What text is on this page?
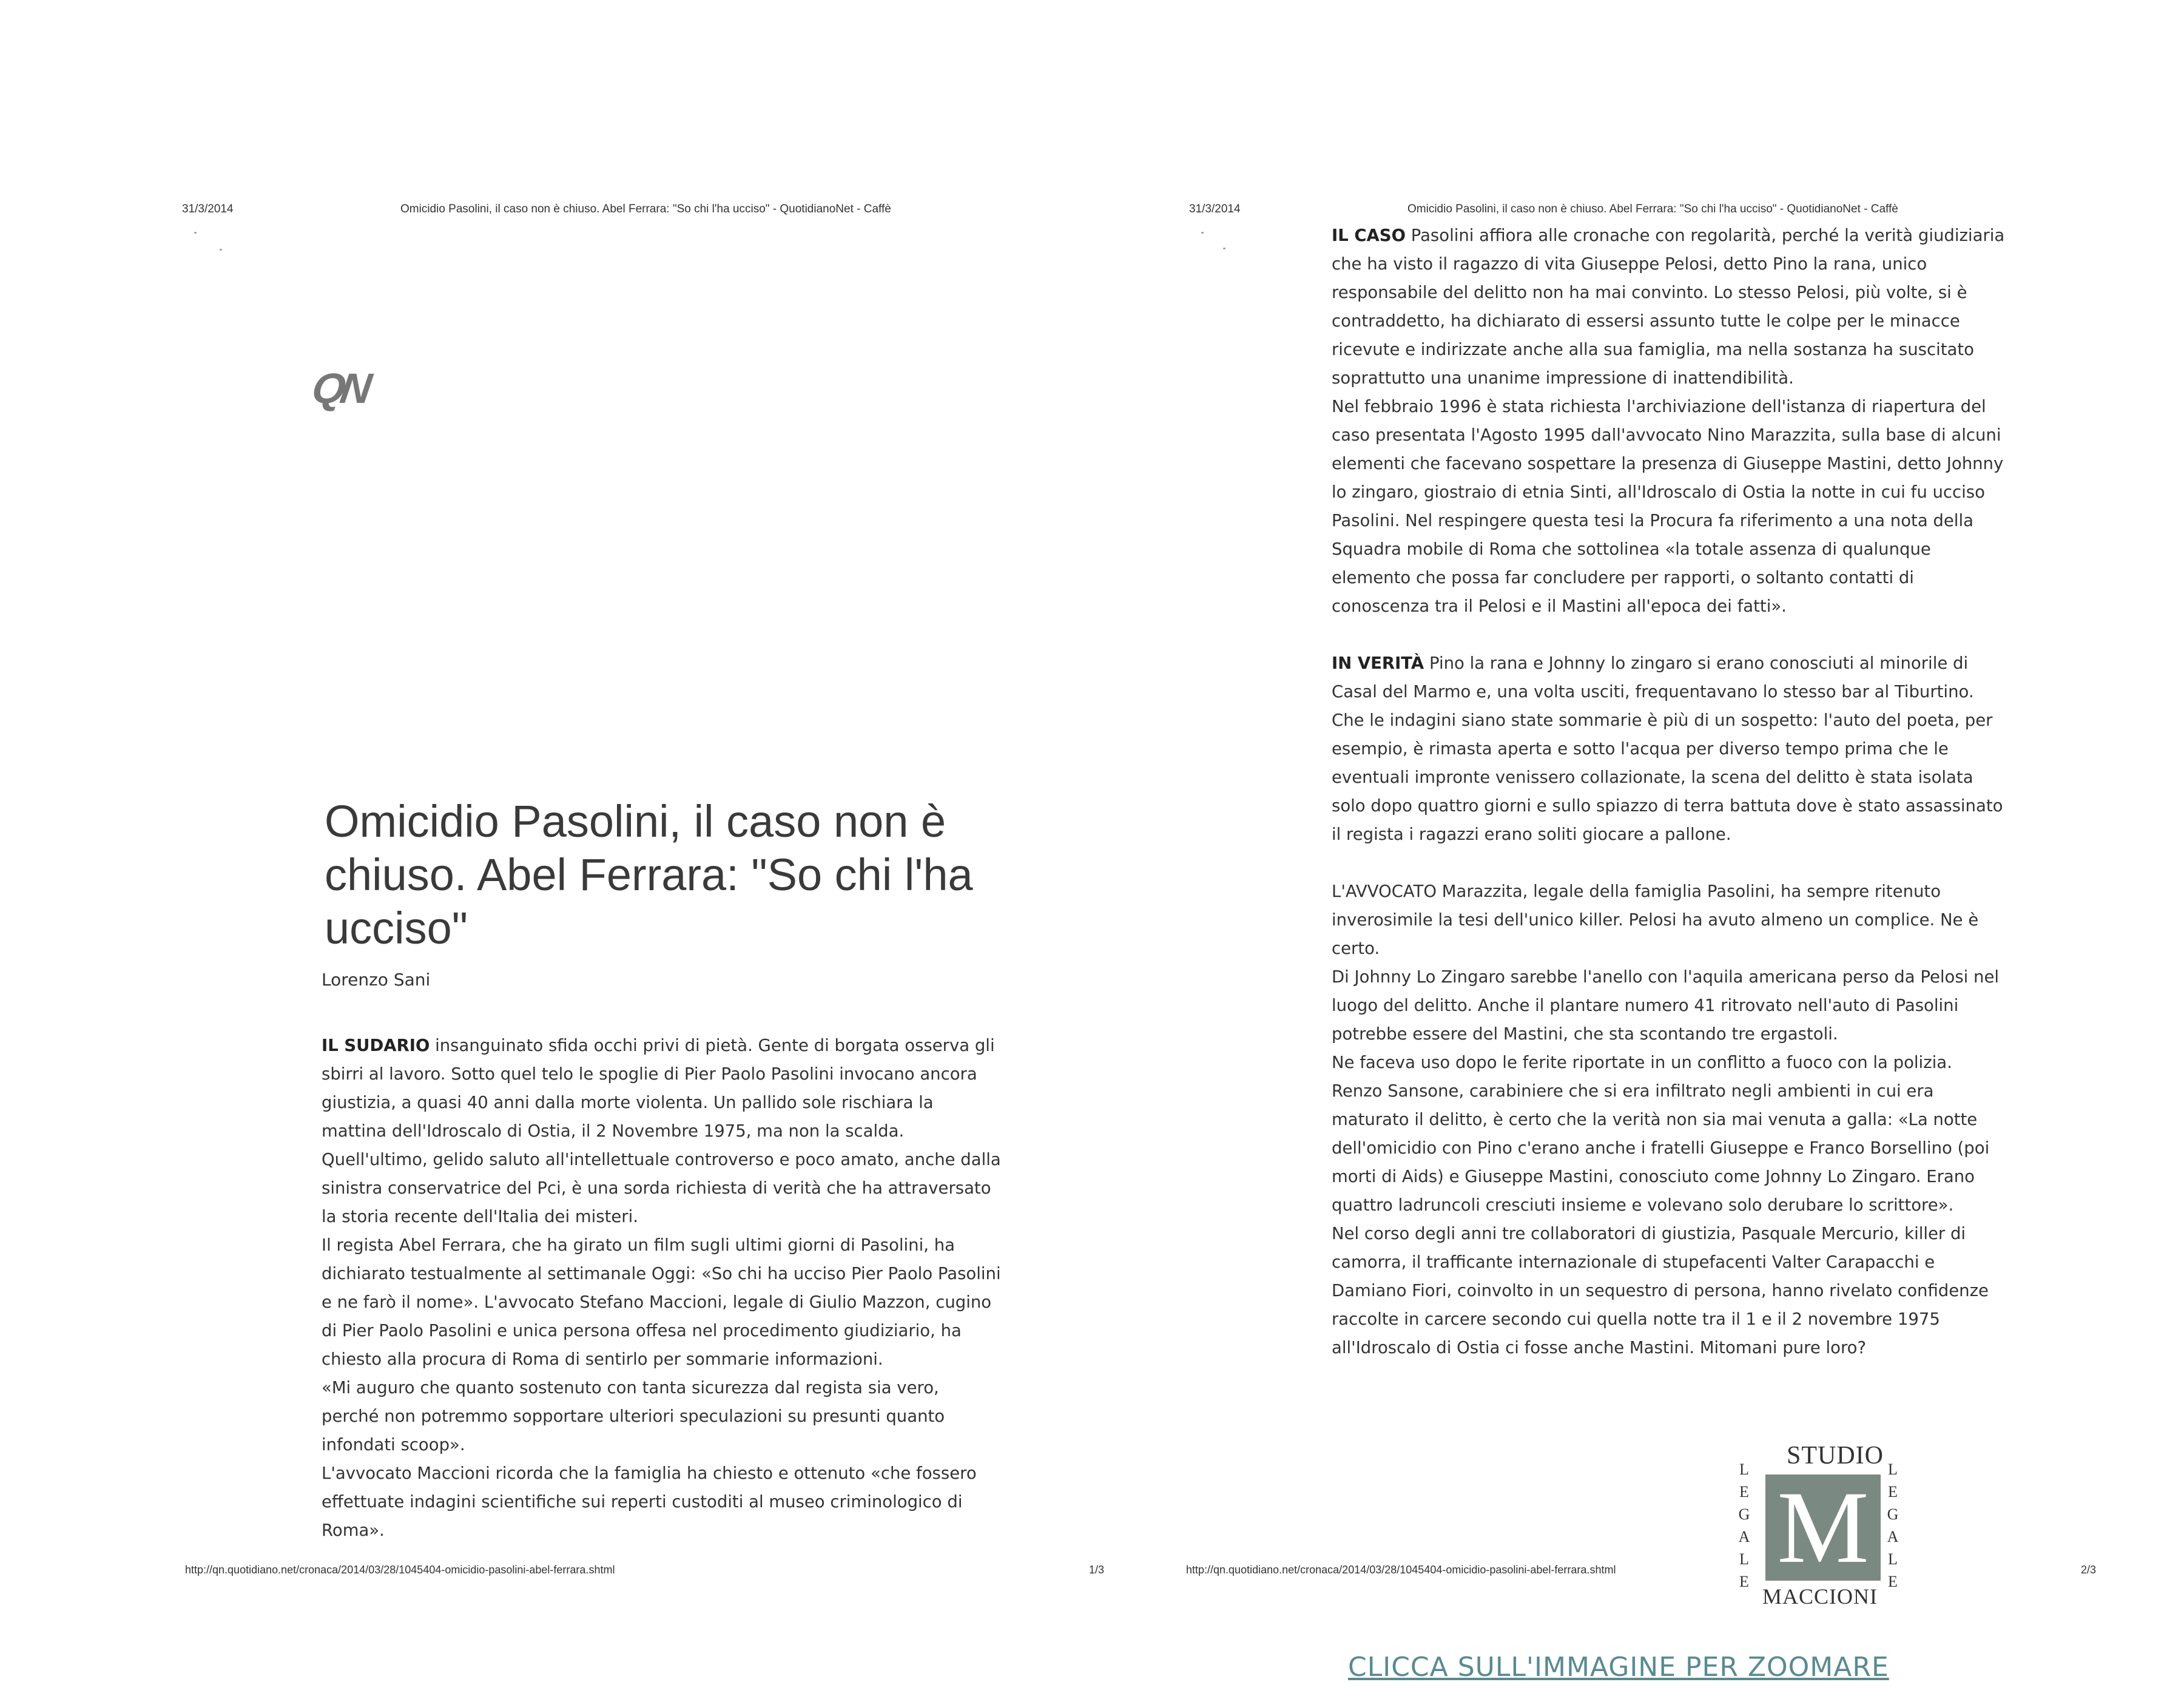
31/3/2014	Omicidio Pasolini, il caso non è chiuso. Abel Ferrara: "So chi l'ha ucciso" - QuotidianoNet - Caffè
QN
Omicidio Pasolini, il caso non è chiuso. Abel Ferrara: "So chi l'ha ucciso"
Lorenzo Sani

IL SUDARIO insanguinato sfida occhi privi di pietà. Gente di borgata osserva gli sbirri al lavoro. Sotto quel telo le spoglie di Pier Paolo Pasolini invocano ancora giustizia, a quasi 40 anni dalla morte violenta. Un pallido sole rischiara la mattina dell'Idroscalo di Ostia, il 2 Novembre 1975, ma non la scalda. Quell'ultimo, gelido saluto all'intellettuale controverso e poco amato, anche dalla sinistra conservatrice del Pci, è una sorda richiesta di verità che ha attraversato la storia recente dell'Italia dei misteri.

Il regista Abel Ferrara, che ha girato un film sugli ultimi giorni di Pasolini, ha dichiarato testualmente al settimanale Oggi: «So chi ha ucciso Pier Paolo Pasolini e ne farò il nome». L'avvocato Stefano Maccioni, legale di Giulio Mazzon, cugino di Pier Paolo Pasolini e unica persona offesa nel procedimento giudiziario, ha chiesto alla procura di Roma di sentirlo per sommarie informazioni.

«Mi auguro che quanto sostenuto con tanta sicurezza dal regista sia vero, perché non potremmo sopportare ulteriori speculazioni su presunti quanto infondati scoop».

L'avvocato Maccioni ricorda che la famiglia ha chiesto e ottenuto «che fossero effettuate indagini scientifiche sui reperti custoditi al museo criminologico di Roma».

http://qn.quotidiano.net/cronaca/2014/03/28/1045404-omicidio-pasolini-abel-ferrara.shtml	1/3
31/3/2014	Omicidio Pasolini, il caso non è chiuso. Abel Ferrara: "So chi l'ha ucciso" - QuotidianoNet - Caffè

IL CASO Pasolini affiora alle cronache con regolarità, perché la verità giudiziaria che ha visto il ragazzo di vita Giuseppe Pelosi, detto Pino la rana, unico responsabile del delitto non ha mai convinto. Lo stesso Pelosi, più volte, si è contraddetto, ha dichiarato di essersi assunto tutte le colpe per le minacce ricevute e indirizzate anche alla sua famiglia, ma nella sostanza ha suscitato soprattutto una unanime impressione di inattendibilità.

Nel febbraio 1996 è stata richiesta l'archiviazione dell'istanza di riapertura del caso presentata l'Agosto 1995 dall'avvocato Nino Marazzita, sulla base di alcuni elementi che facevano sospettare la presenza di Giuseppe Mastini, detto Johnny lo zingaro, giostraio di etnia Sinti, all'Idroscalo di Ostia la notte in cui fu ucciso Pasolini. Nel respingere questa tesi la Procura fa riferimento a una nota della Squadra mobile di Roma che sottolinea «la totale assenza di qualunque elemento che possa far concludere per rapporti, o soltanto contatti di conoscenza tra il Pelosi e il Mastini all'epoca dei fatti».

IN VERITÀ Pino la rana e Johnny lo zingaro si erano conosciuti al minorile di Casal del Marmo e, una volta usciti, frequentavano lo stesso bar al Tiburtino. Che le indagini siano state sommarie è più di un sospetto: l'auto del poeta, per esempio, è rimasta aperta e sotto l'acqua per diverso tempo prima che le eventuali impronte venissero collazionate, la scena del delitto è stata isolata solo dopo quattro giorni e sullo spiazzo di terra battuta dove è stato assassinato il regista i ragazzi erano soliti giocare a pallone.

L'AVVOCATO Marazzita, legale della famiglia Pasolini, ha sempre ritenuto inverosimile la tesi dell'unico killer. Pelosi ha avuto almeno un complice. Ne è certo.

Di Johnny Lo Zingaro sarebbe l'anello con l'aquila americana perso da Pelosi nel luogo del delitto. Anche il plantare numero 41 ritrovato nell'auto di Pasolini potrebbe essere del Mastini, che sta scontando tre ergastoli.

Ne faceva uso dopo le ferite riportate in un conflitto a fuoco con la polizia.

Renzo Sansone, carabiniere che si era infiltrato negli ambienti in cui era maturato il delitto, è certo che la verità non sia mai venuta a galla: «La notte dell'omicidio con Pino c'erano anche i fratelli Giuseppe e Franco Borsellino (poi morti di Aids) e Giuseppe Mastini, conosciuto come Johnny Lo Zingaro. Erano quattro ladruncoli cresciuti insieme e volevano solo derubare lo scrittore».

Nel corso degli anni tre collaboratori di giustizia, Pasquale Mercurio, killer di camorra, il trafficante internazionale di stupefacenti Valter Carapacchi e Damiano Fiori, coinvolto in un sequestro di persona, hanno rivelato confidenze raccolte in carcere secondo cui quella notte tra il 1 e il 2 novembre 1975 all'Idroscalo di Ostia ci fosse anche Mastini. Mitomani pure loro?

http://qn.quotidiano.net/cronaca/2014/03/28/1045404-omicidio-pasolini-abel-ferrara.shtml	2/3
STUDIO
L
E
G
A
L
E M
L
E
G
A
L
E
MACCIONI
CLICCA SULL'IMMAGINE PER ZOOMARE
